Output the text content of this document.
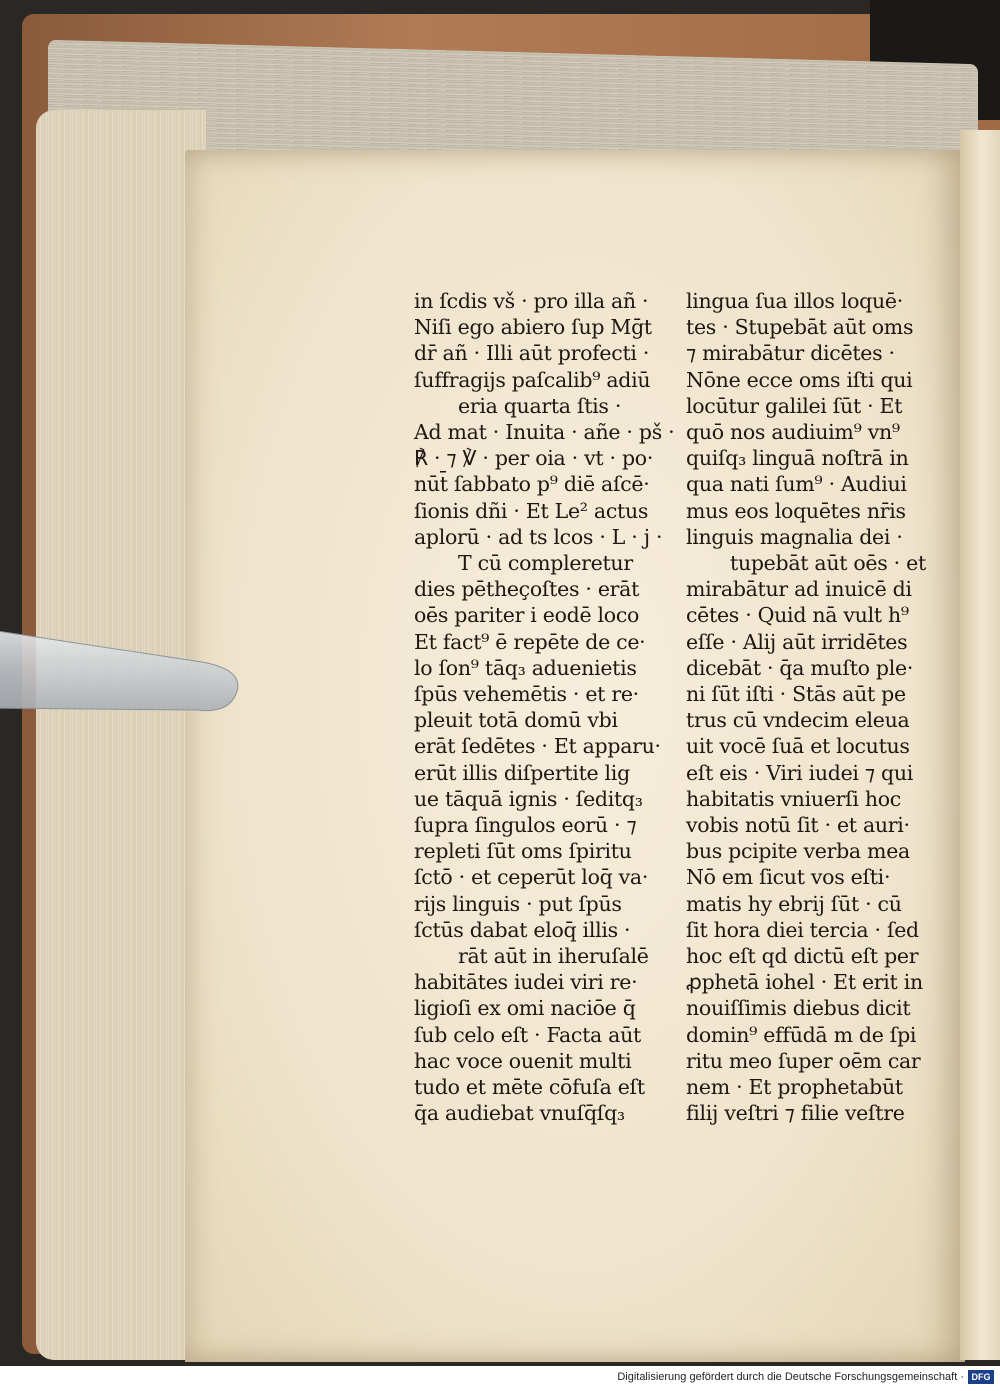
in ſcdis vš · pro illa añ ·
Niſi ego abiero ſup Mḡt
dr̄ añ · Illi aūt profecti ·
ſuffragijs paſcalib⁹ adiū
eria quarta ſtis ·
Ad mat · Inuita · añe · pš ·
℟ · ⁊ ℣ · per oia · vt · po·
nūt̄ ſabbato p⁹ diē aſcē·
ſionis dñi · Et Le² actus
aplorū · ad ts lcos · L · j ·
T cū compleretur
dies pētheçoſtes · erāt
oēs pariter i eodē loco
Et fact⁹ ē repēte de ce·
lo ſon⁹ tāq₃ aduenietis
ſpūs vehemētis · et re·
pleuit totā domū vbi
erāt ſedētes · Et apparu·
erūt illis diſpertite lig
ue tāquā ignis · ſeditq₃
ſupra ſingulos eorū · ⁊
repleti ſūt oms ſpiritu
ſctō · et ceperūt loq̄ va·
rijs linguis · put ſpūs
ſctūs dabat eloq̄ illis ·
rāt aūt in iheruſalē
habitātes iudei viri re·
ligioſi ex omi naciōe q̄
ſub celo eſt · Facta aūt
hac voce ouenit multi
tudo et mēte cōfuſa eſt
q̄a audiebat vnuſq̄ſq₃
lingua ſua illos loquē·
tes · Stupebāt aūt oms
⁊ mirabātur dicētes ·
Nōne ecce oms iſti qui
locūtur galilei ſūt · Et
quō nos audiuim⁹ vn⁹
quiſq₃ linguā noſtrā in
qua nati ſum⁹ · Audiui
mus eos loquētes nr̄is
linguis magnalia dei ·
tupebāt aūt oēs · et
mirabātur ad inuicē di
cētes · Quid nā vult h⁹
eſſe · Alij aūt irridētes
dicebāt · q̄a muſto ple·
ni ſūt iſti · Stās aūt pe
trus cū vndecim eleua
uit vocē ſuā et locutus
eſt eis · Viri iudei ⁊ qui
habitatis vniuerſi hoc
vobis notū ſit · et auri·
bus pcipite verba mea
Nō em ſicut vos eſti·
matis hy ebrij ſūt · cū
ſit hora diei tercia · ſed
hoc eſt qd dictū eſt per
ꝓphetā iohel · Et erit in
nouiſſimis diebus dicit
domin⁹ effūdā m de ſpi
ritu meo ſuper oēm car
nem · Et prophetabūt
filij veſtri ⁊ filie veſtre
Digitalisierung gefördert durch die Deutsche Forschungsgemeinschaft · DFG
